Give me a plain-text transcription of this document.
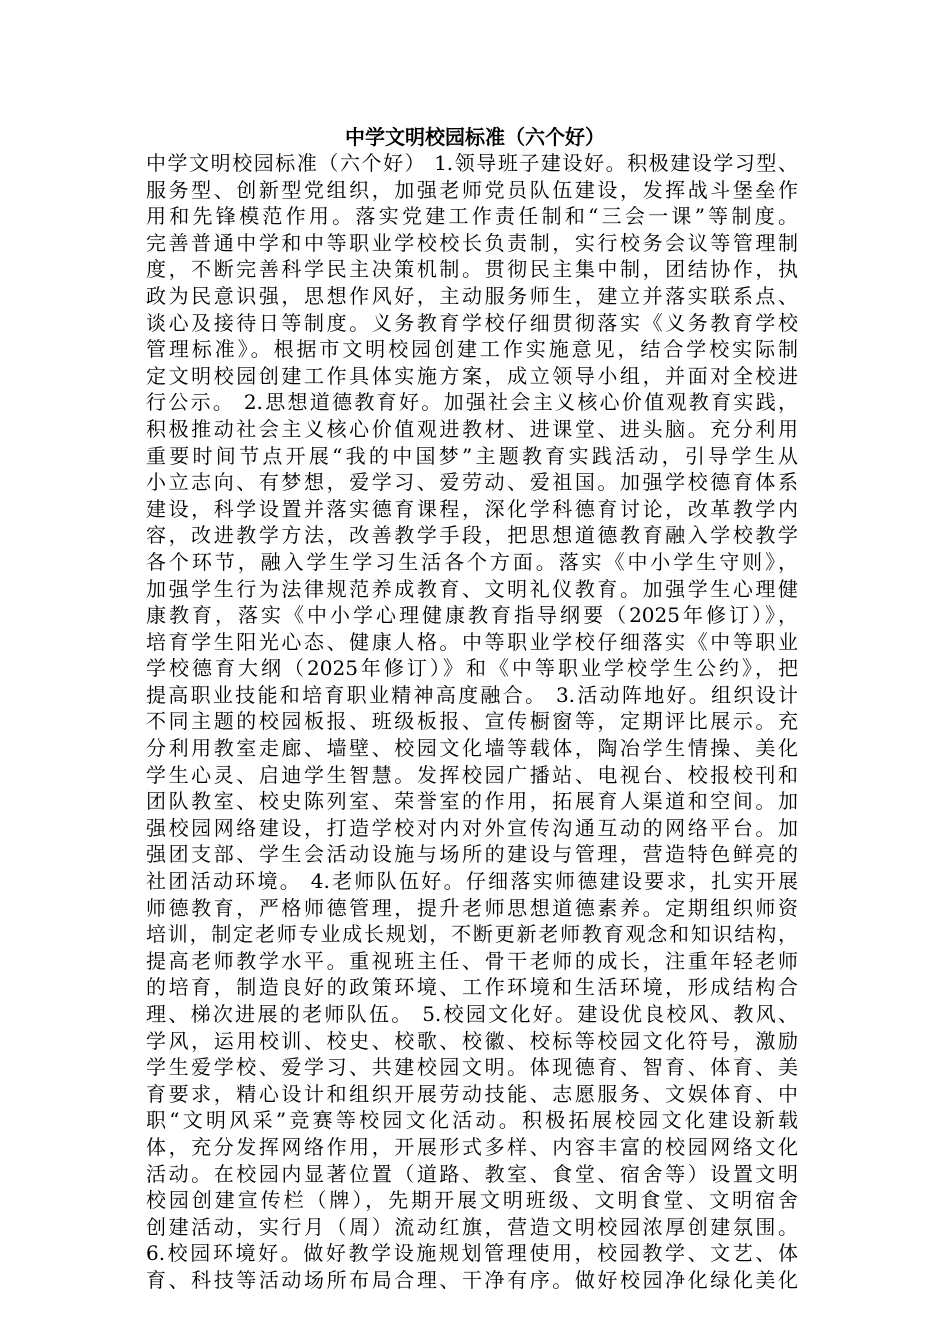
中学文明校园标准（六个好）
中学文明校园标准（六个好） 1.领导班子建设好。积极建设学习型、
服务型、创新型党组织，加强老师党员队伍建设，发挥战斗堡垒作
用和先锋模范作用。落实党建工作责任制和“三会一课”等制度。
完善普通中学和中等职业学校校长负责制，实行校务会议等管理制
度，不断完善科学民主决策机制。贯彻民主集中制，团结协作，执
政为民意识强，思想作风好，主动服务师生，建立并落实联系点、
谈心及接待日等制度。义务教育学校仔细贯彻落实《义务教育学校
管理标准》。根据市文明校园创建工作实施意见，结合学校实际制
定文明校园创建工作具体实施方案，成立领导小组，并面对全校进
行公示。 2.思想道德教育好。加强社会主义核心价值观教育实践，
积极推动社会主义核心价值观进教材、进课堂、进头脑。充分利用
重要时间节点开展“我的中国梦”主题教育实践活动，引导学生从
小立志向、有梦想，爱学习、爱劳动、爱祖国。加强学校德育体系
建设，科学设置并落实德育课程，深化学科德育讨论，改革教学内
容，改进教学方法，改善教学手段，把思想道德教育融入学校教学
各个环节，融入学生学习生活各个方面。落实《中小学生守则》，
加强学生行为法律规范养成教育、文明礼仪教育。加强学生心理健
康教育，落实《中小学心理健康教育指导纲要（2025年修订）》，
培育学生阳光心态、健康人格。中等职业学校仔细落实《中等职业
学校德育大纲（2025年修订）》和《中等职业学校学生公约》，把
提高职业技能和培育职业精神高度融合。 3.活动阵地好。组织设计
不同主题的校园板报、班级板报、宣传橱窗等，定期评比展示。充
分利用教室走廊、墙壁、校园文化墙等载体，陶冶学生情操、美化
学生心灵、启迪学生智慧。发挥校园广播站、电视台、校报校刊和
团队教室、校史陈列室、荣誉室的作用，拓展育人渠道和空间。加
强校园网络建设，打造学校对内对外宣传沟通互动的网络平台。加
强团支部、学生会活动设施与场所的建设与管理，营造特色鲜亮的
社团活动环境。 4.老师队伍好。仔细落实师德建设要求，扎实开展
师德教育，严格师德管理，提升老师思想道德素养。定期组织师资
培训，制定老师专业成长规划，不断更新老师教育观念和知识结构，
提高老师教学水平。重视班主任、骨干老师的成长，注重年轻老师
的培育，制造良好的政策环境、工作环境和生活环境，形成结构合
理、梯次进展的老师队伍。 5.校园文化好。建设优良校风、教风、
学风，运用校训、校史、校歌、校徽、校标等校园文化符号，激励
学生爱学校、爱学习、共建校园文明。体现德育、智育、体育、美
育要求，精心设计和组织开展劳动技能、志愿服务、文娱体育、中
职“文明风采”竞赛等校园文化活动。积极拓展校园文化建设新载
体，充分发挥网络作用，开展形式多样、内容丰富的校园网络文化
活动。在校园内显著位置（道路、教室、食堂、宿舍等）设置文明
校园创建宣传栏（牌），先期开展文明班级、文明食堂、文明宿舍
创建活动，实行月（周）流动红旗，营造文明校园浓厚创建氛围。
6.校园环境好。做好教学设施规划管理使用，校园教学、文艺、体
育、科技等活动场所布局合理、干净有序。做好校园净化绿化美化
